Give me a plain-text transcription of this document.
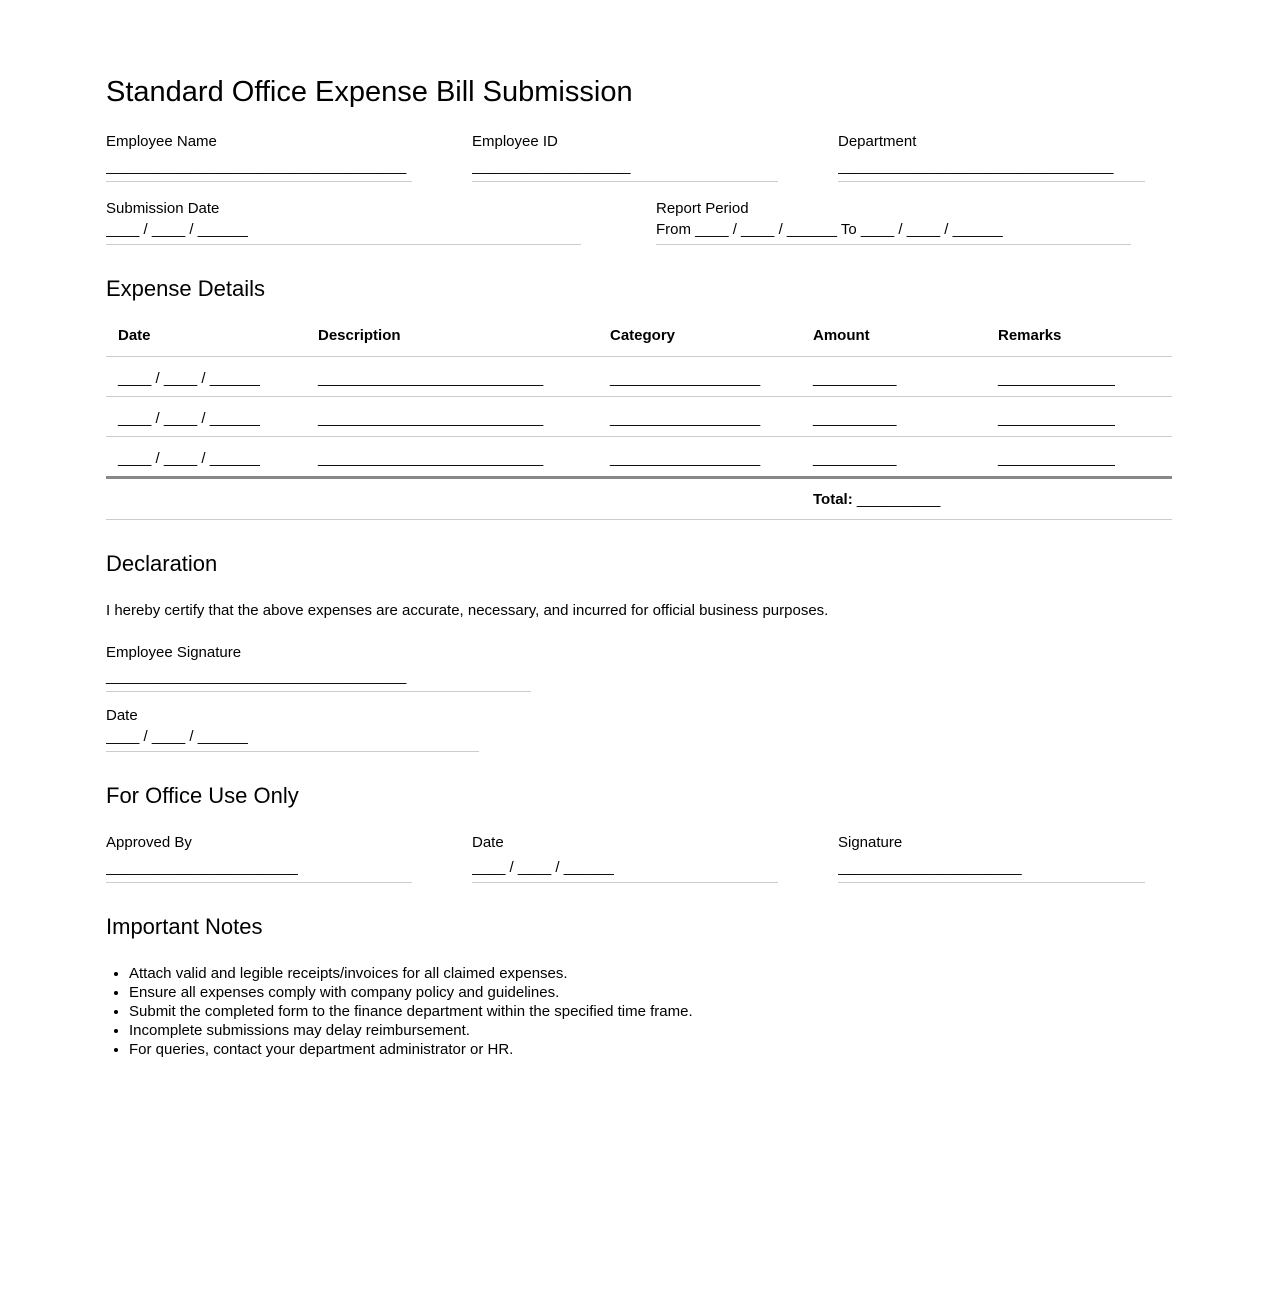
Standard Office Expense Bill Submission
Employee Name
____________________________________
Employee ID
___________________
Department
_________________________________
Submission Date
____ / ____ / ______
Report Period
From ____ / ____ / ______ To ____ / ____ / ______
Expense Details
Date	Description	Category	Amount	Remarks
____ / ____ / ______	___________________________	__________________	__________	______________
____ / ____ / ______	___________________________	__________________	__________	______________
____ / ____ / ______	___________________________	__________________	__________	______________
			Total: __________	
Declaration

I hereby certify that the above expenses are accurate, necessary, and incurred for official business purposes.

Employee Signature
____________________________________
Date
____ / ____ / ______
For Office Use Only
Approved By
_______________________
Date
____ / ____ / ______
Signature
______________________
Important Notes
• Attach valid and legible receipts/invoices for all claimed expenses.
• Ensure all expenses comply with company policy and guidelines.
• Submit the completed form to the finance department within the specified time frame.
• Incomplete submissions may delay reimbursement.
• For queries, contact your department administrator or HR.
